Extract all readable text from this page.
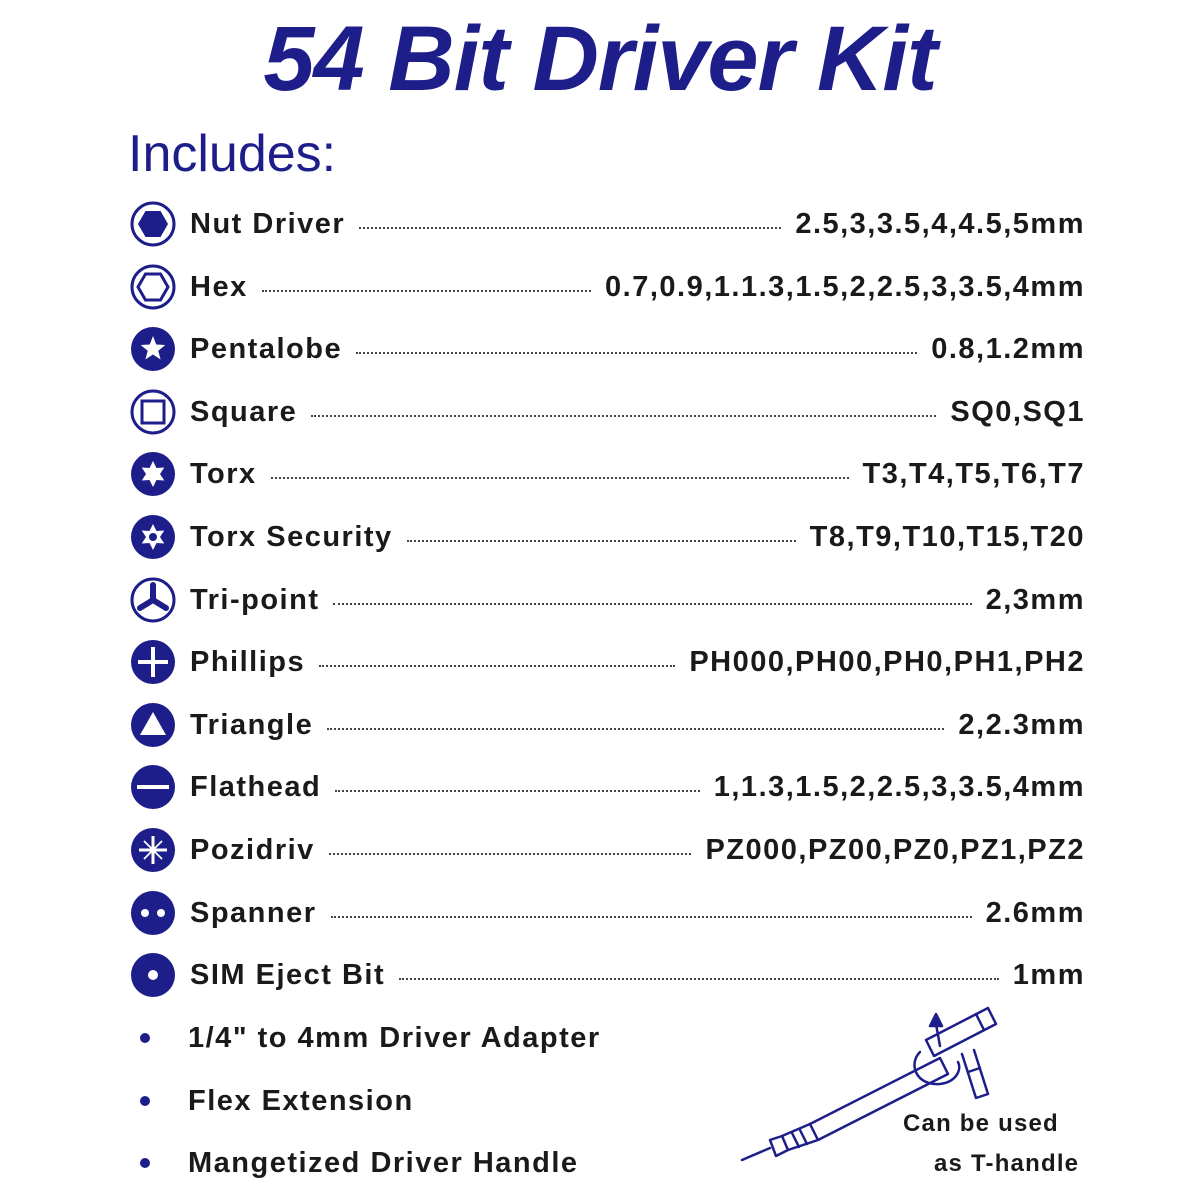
54 Bit Driver Kit
Includes:
Nut Driver	2.5,3,3.5,4,4.5,5mm
Hex	0.7,0.9,1.1.3,1.5,2,2.5,3,3.5,4mm
Pentalobe	0.8,1.2mm
Square	SQ0,SQ1
Torx	T3,T4,T5,T6,T7
Torx Security	T8,T9,T10,T15,T20
Tri-point	2,3mm
Phillips	PH000,PH00,PH0,PH1,PH2
Triangle	2,2.3mm
Flathead	1,1.3,1.5,2,2.5,3,3.5,4mm
Pozidriv	PZ000,PZ00,PZ0,PZ1,PZ2
Spanner	2.6mm
SIM Eject Bit	1mm
1/4" to 4mm Driver Adapter
Flex Extension
Mangetized Driver Handle
Can be used
as T-handle
